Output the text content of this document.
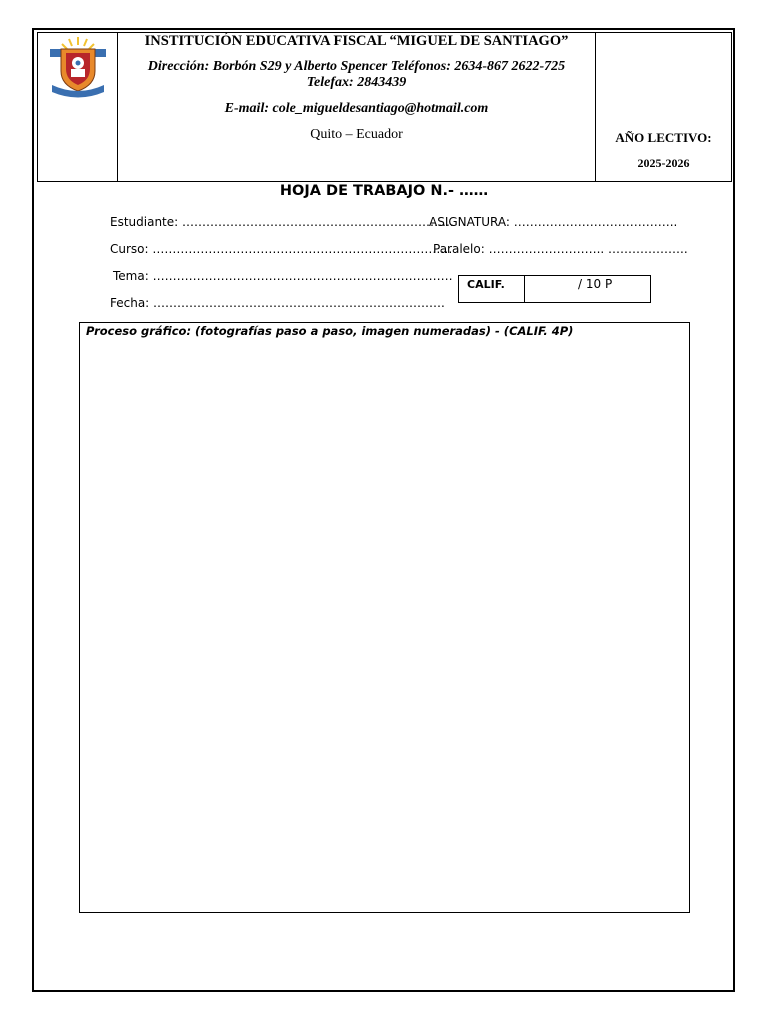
INSTITUCIÓN EDUCATIVA FISCAL “MIGUEL DE SANTIAGO”
Dirección: Borbón S29 y Alberto Spencer Teléfonos: 2634-867 2622-725 Telefax: 2843439
E-mail: cole_migueldesantiago@hotmail.com
Quito – Ecuador	AÑO LECTIVO:
2025-2026
HOJA DE TRABAJO N.- ……
Estudiante: …………………………………………………………..
ASIGNATURA: …………………………………..
Curso: …………………………………………………………………
Paralelo: ……………………….. ………………..
Tema: …………………………………………………………………
Fecha: ……………………………………………………………….
CALIF.	/ 10 P
Proceso gráfico: (fotografías paso a paso, imagen numeradas) - (CALIF. 4P)
